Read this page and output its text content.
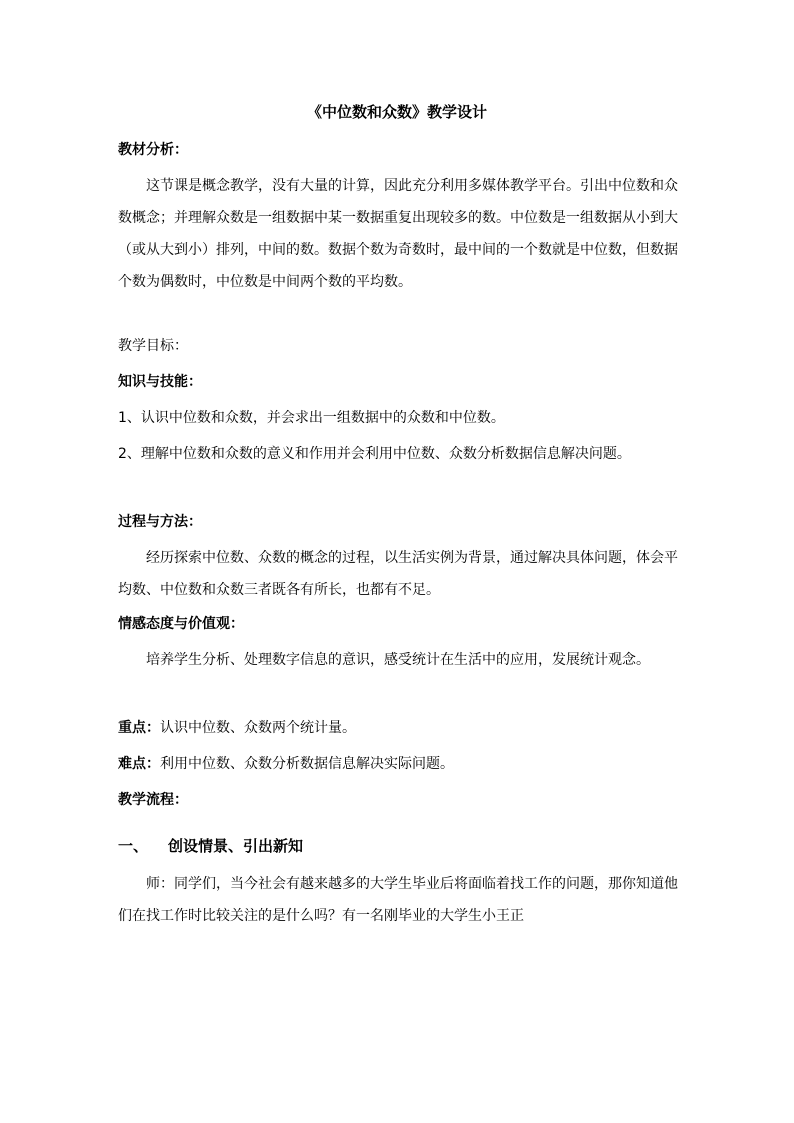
《中位数和众数》教学设计

教材分析：

这节课是概念教学，没有大量的计算，因此充分利用多媒体教学平台。引出中位数和众数概念；并理解众数是一组数据中某一数据重复出现较多的数。中位数是一组数据从小到大（或从大到小）排列，中间的数。数据个数为奇数时，最中间的一个数就是中位数，但数据个数为偶数时，中位数是中间两个数的平均数。

教学目标：

知识与技能：

1、认识中位数和众数，并会求出一组数据中的众数和中位数。

2、理解中位数和众数的意义和作用并会利用中位数、众数分析数据信息解决问题。

过程与方法：

经历探索中位数、众数的概念的过程，以生活实例为背景，通过解决具体问题，体会平均数、中位数和众数三者既各有所长，也都有不足。

情感态度与价值观：

培养学生分析、处理数字信息的意识，感受统计在生活中的应用，发展统计观念。

重点：认识中位数、众数两个统计量。

难点：利用中位数、众数分析数据信息解决实际问题。

教学流程：

一、 创设情景、引出新知

师：同学们，当今社会有越来越多的大学生毕业后将面临着找工作的问题，那你知道他们在找工作时比较关注的是什么吗？有一名刚毕业的大学生小王正
